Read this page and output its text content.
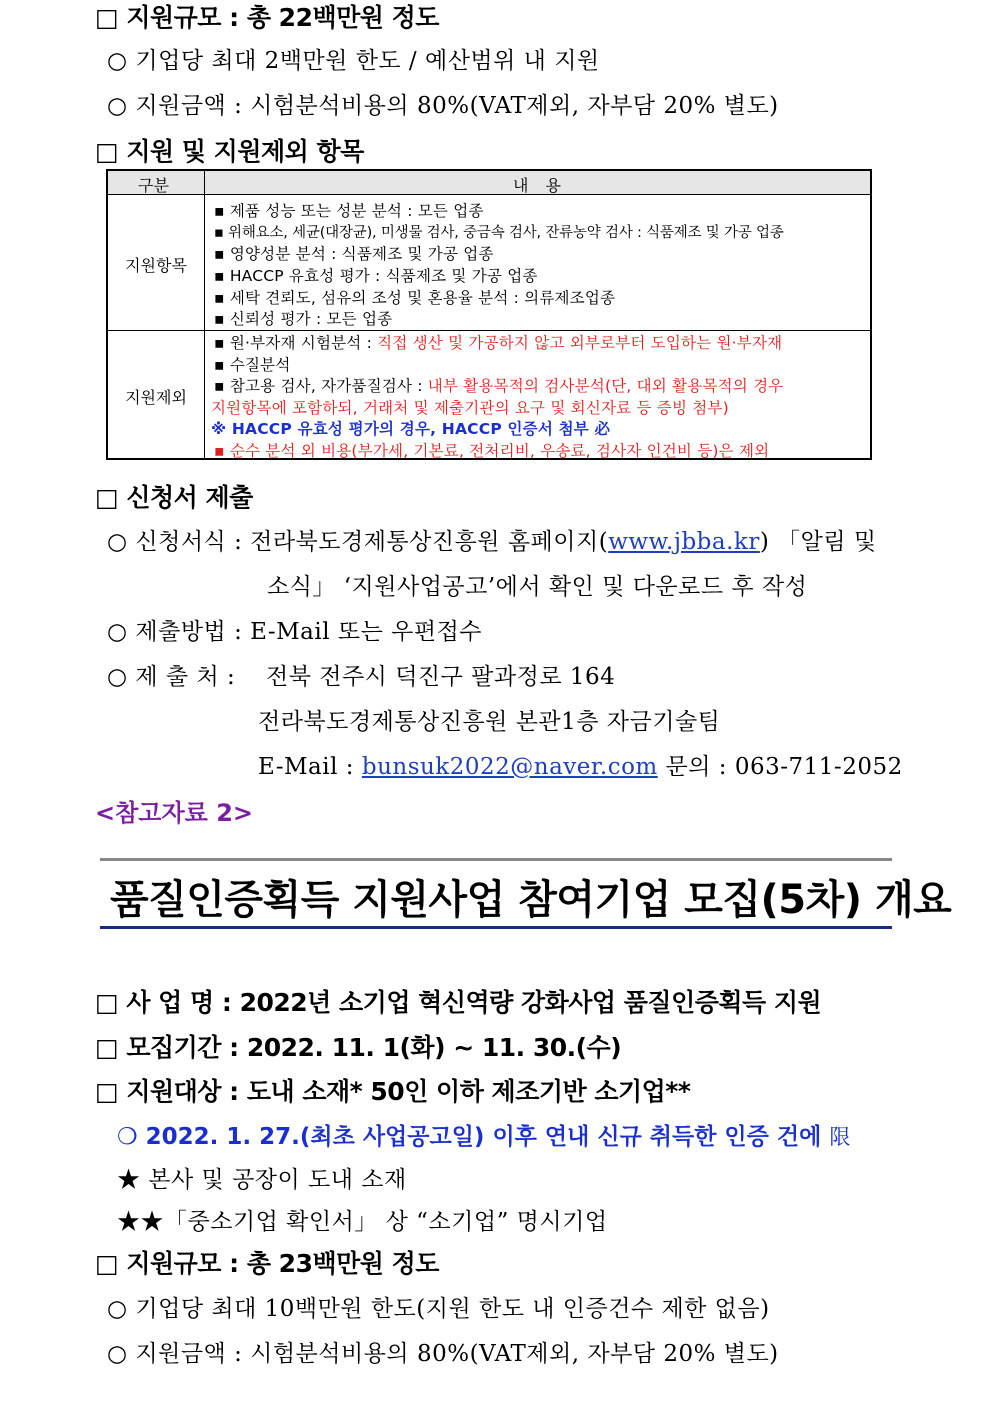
□ 지원규모 : 총 22백만원 정도
○ 기업당 최대 2백만원 한도 / 예산범위 내 지원
○ 지원금액 : 시험분석비용의 80%(VAT제외, 자부담 20% 별도)
□ 지원 및 지원제외 항목
구분	내 용
지원항목
▪ 제품 성능 또는 성분 분석 : 모든 업종
▪ 위해요소, 세균(대장균), 미생물 검사, 중금속 검사, 잔류농약 검사 : 식품제조 및 가공 업종
▪ 영양성분 분석 : 식품제조 및 가공 업종
▪ HACCP 유효성 평가 : 식품제조 및 가공 업종
▪ 세탁 견뢰도, 섬유의 조성 및 혼용율 분석 : 의류제조업종
▪ 신뢰성 평가 : 모든 업종
지원제외
▪ 원·부자재 시험분석 : 직접 생산 및 가공하지 않고 외부로부터 도입하는 원·부자재
▪ 수질분석
▪ 참고용 검사, 자가품질검사 : 내부 활용목적의 검사분석(단, 대외 활용목적의 경우
지원항목에 포함하되, 거래처 및 제출기관의 요구 및 회신자료 등 증빙 첨부)
※ HACCP 유효성 평가의 경우, HACCP 인증서 첨부 必
▪ 순수 분석 외 비용(부가세, 기본료, 전처리비, 우송료, 검사자 인건비 등)은 제외
□ 신청서 제출
○ 신청서식 : 전라북도경제통상진흥원 홈페이지(www.jbba.kr) 「알림 및
소식」 ‘지원사업공고’에서 확인 및 다운로드 후 작성
○ 제출방법 : E-Mail 또는 우편접수
○ 제 출 처 : 전북 전주시 덕진구 팔과정로 164
전라북도경제통상진흥원 본관1층 자금기술팀
E-Mail : bunsuk2022@naver.com 문의 : 063-711-2052
<참고자료 2>
품질인증획득 지원사업 참여기업 모집(5차) 개요
□ 사 업 명 : 2022년 소기업 혁신역량 강화사업 품질인증획득 지원
□ 모집기간 : 2022. 11. 1(화) ~ 11. 30.(수)
□ 지원대상 : 도내 소재* 50인 이하 제조기반 소기업**
❍ 2022. 1. 27.(최초 사업공고일) 이후 연내 신규 취득한 인증 건에 限
★ 본사 및 공장이 도내 소재
★★「중소기업 확인서」 상 “소기업” 명시기업
□ 지원규모 : 총 23백만원 정도
○ 기업당 최대 10백만원 한도(지원 한도 내 인증건수 제한 없음)
○ 지원금액 : 시험분석비용의 80%(VAT제외, 자부담 20% 별도)
